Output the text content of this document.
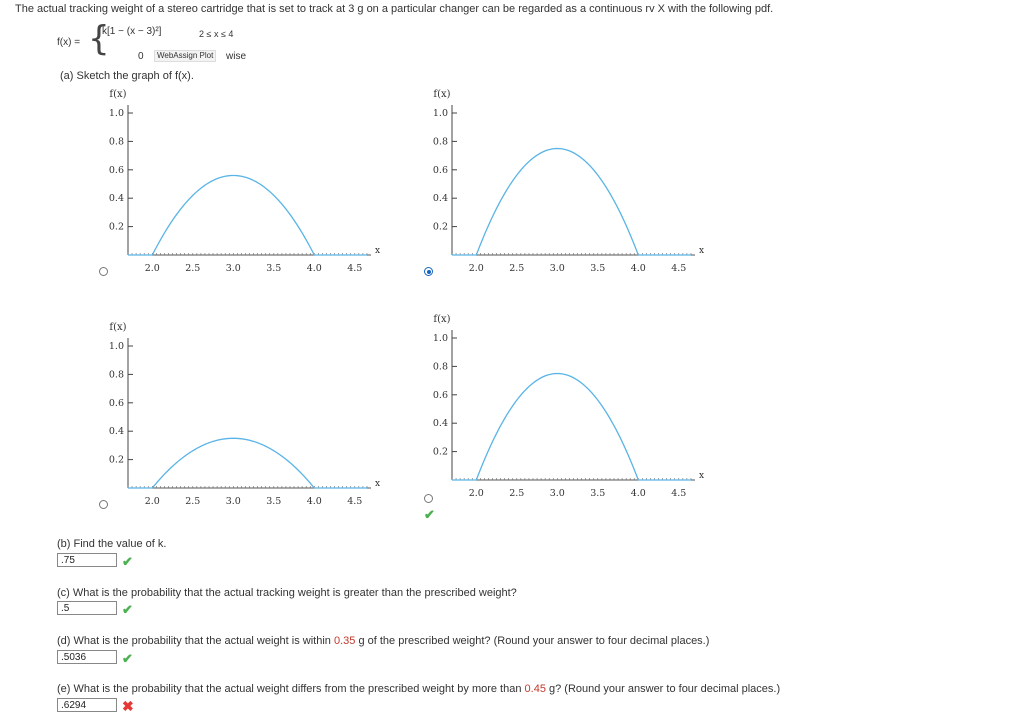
The actual tracking weight of a stereo cartridge that is set to track at 3 g on a particular changer can be regarded as a continuous rv X with the following pdf.
f(x) = {
k[1 − (x − 3)²]	2 ≤ x ≤ 4
0	WebAssign Plot	wise
(a) Sketch the graph of f(x).
f(x)
0.2
0.4
0.6
0.8
1.0
x
2.0	2.5	3.0	3.5	4.0	4.5
f(x)
0.2
0.4
0.6
0.8
1.0
x
2.0	2.5	3.0	3.5	4.0	4.5
f(x)
0.2
0.4
0.6
0.8
1.0
x
2.0	2.5	3.0	3.5	4.0	4.5
f(x)
0.2
0.4
0.6
0.8
1.0
x
2.0	2.5	3.0	3.5	4.0	4.5
✔
(b) Find the value of k.
.75	✔
(c) What is the probability that the actual tracking weight is greater than the prescribed weight?
.5	✔
(d) What is the probability that the actual weight is within 0.35 g of the prescribed weight? (Round your answer to four decimal places.)
.5036	✔
(e) What is the probability that the actual weight differs from the prescribed weight by more than 0.45 g? (Round your answer to four decimal places.)
.6294	✖
